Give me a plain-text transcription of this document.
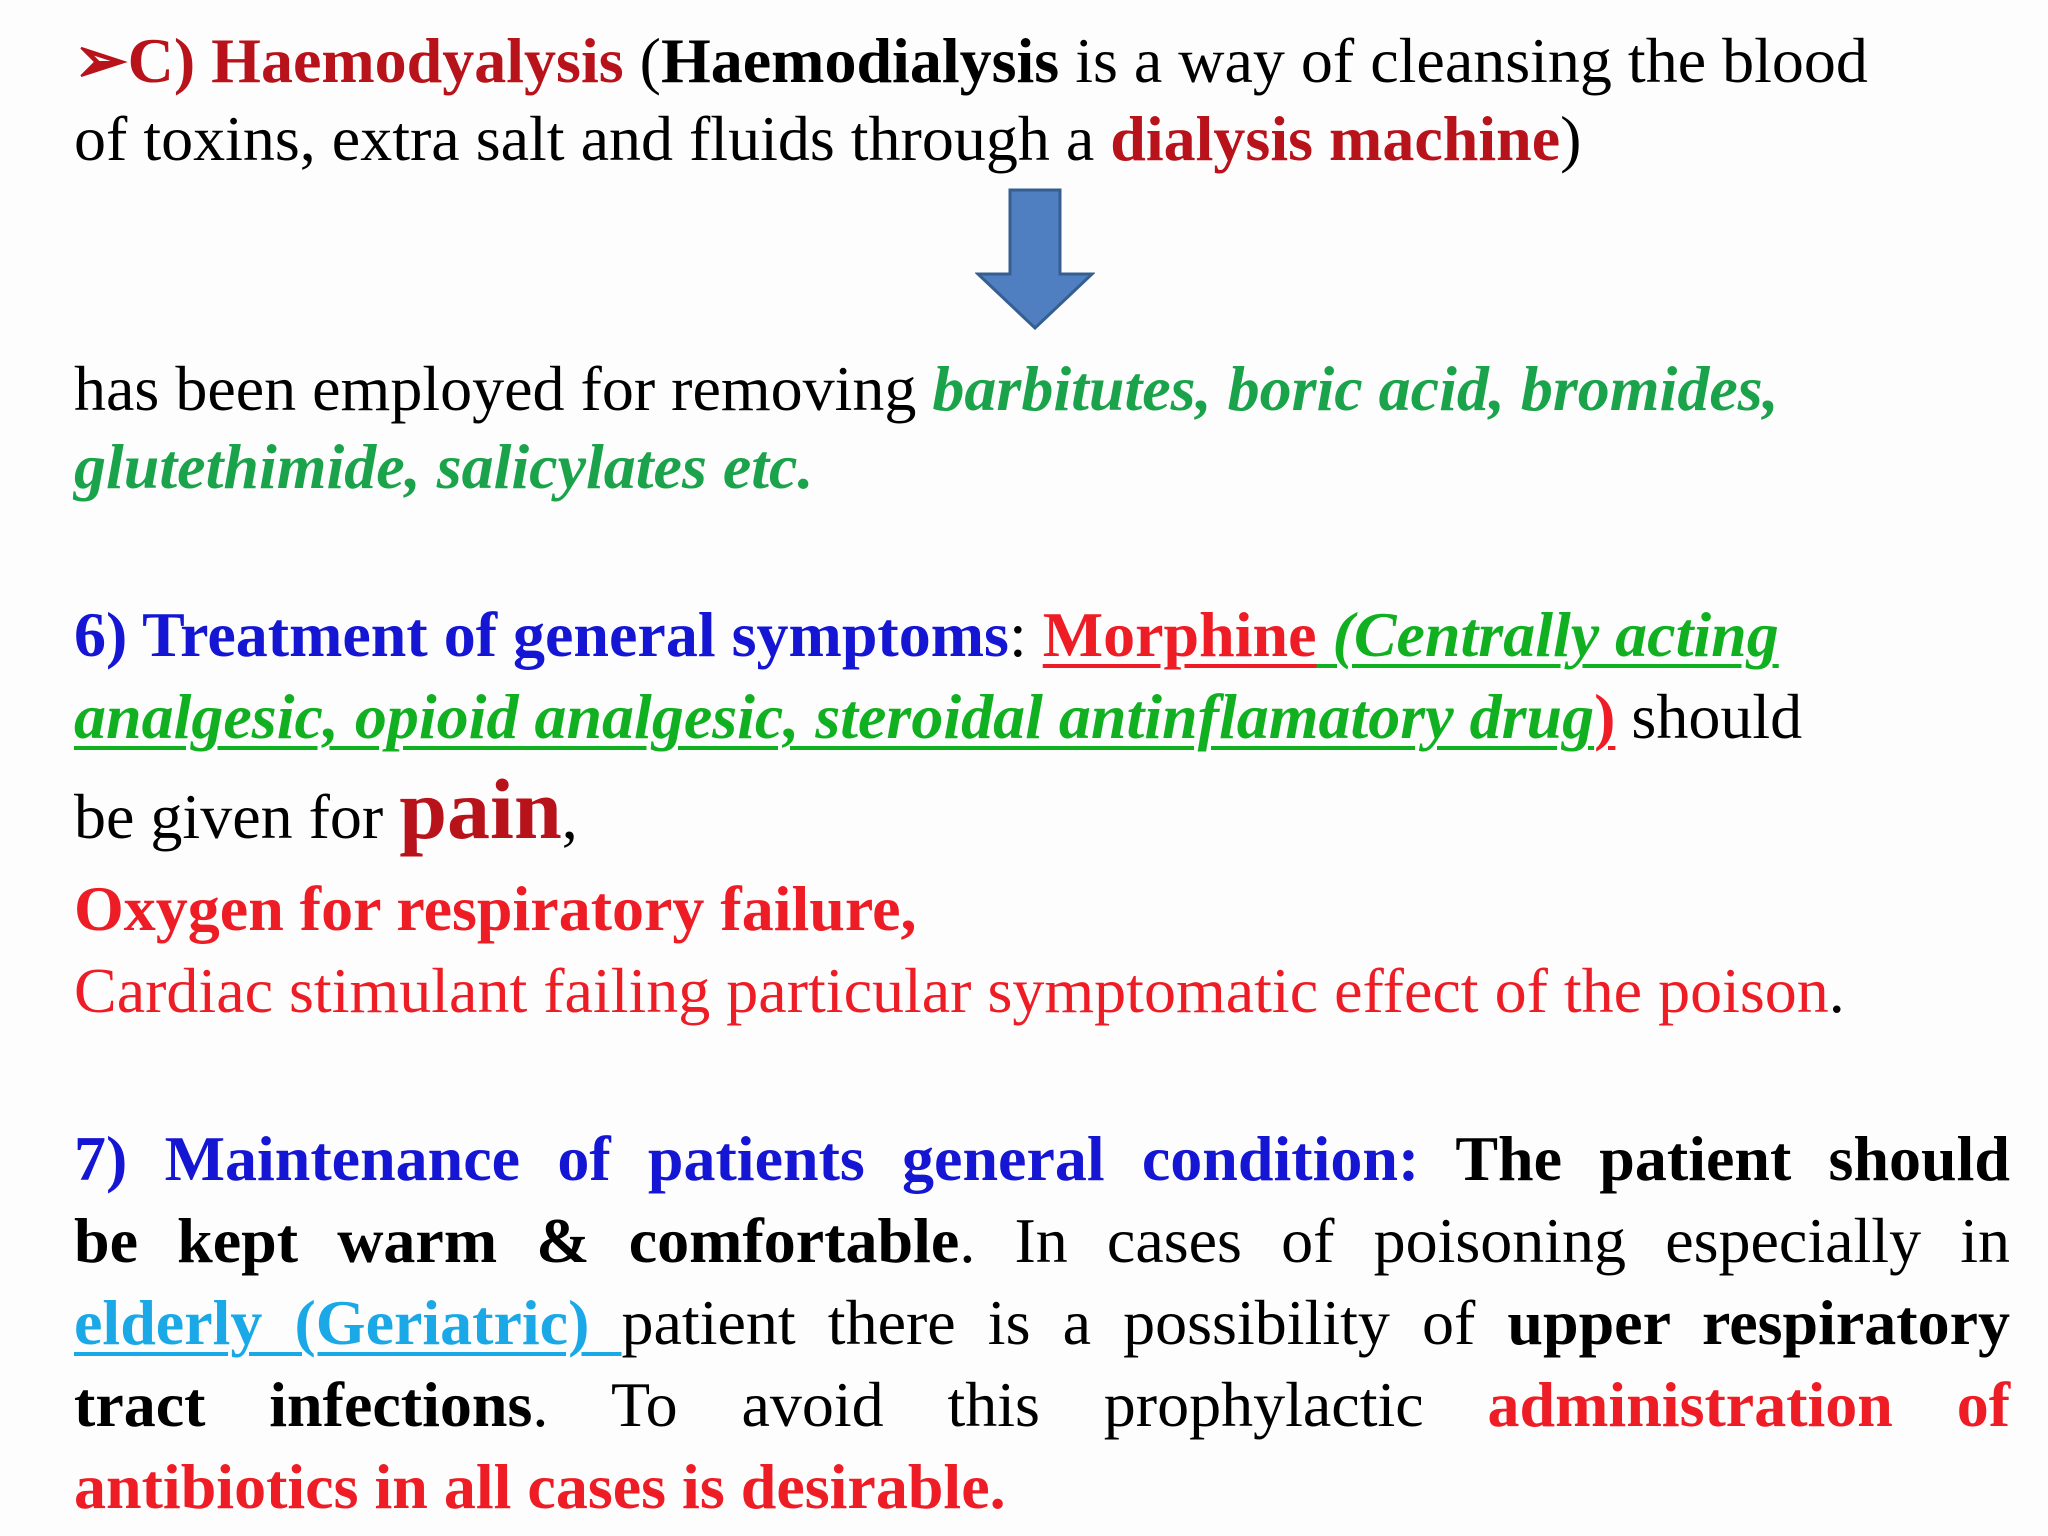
➢C) Haemodyalysis (Haemodialysis is a way of cleansing the blood
of toxins, extra salt and fluids through a dialysis machine)
has been employed for removing barbitutes, boric acid, bromides,
glutethimide, salicylates etc.
6) Treatment of general symptoms: Morphine (Centrally acting
analgesic, opioid analgesic, steroidal antinflamatory drug) should
be given for pain,
Oxygen for respiratory failure,
Cardiac stimulant failing particular symptomatic effect of the poison.
7) Maintenance of patients general condition: The patient should
be kept warm & comfortable. In cases of poisoning especially in
elderly (Geriatric) patient there is a possibility of upper respiratory
tract infections. To avoid this prophylactic administration of
antibiotics in all cases is desirable.
